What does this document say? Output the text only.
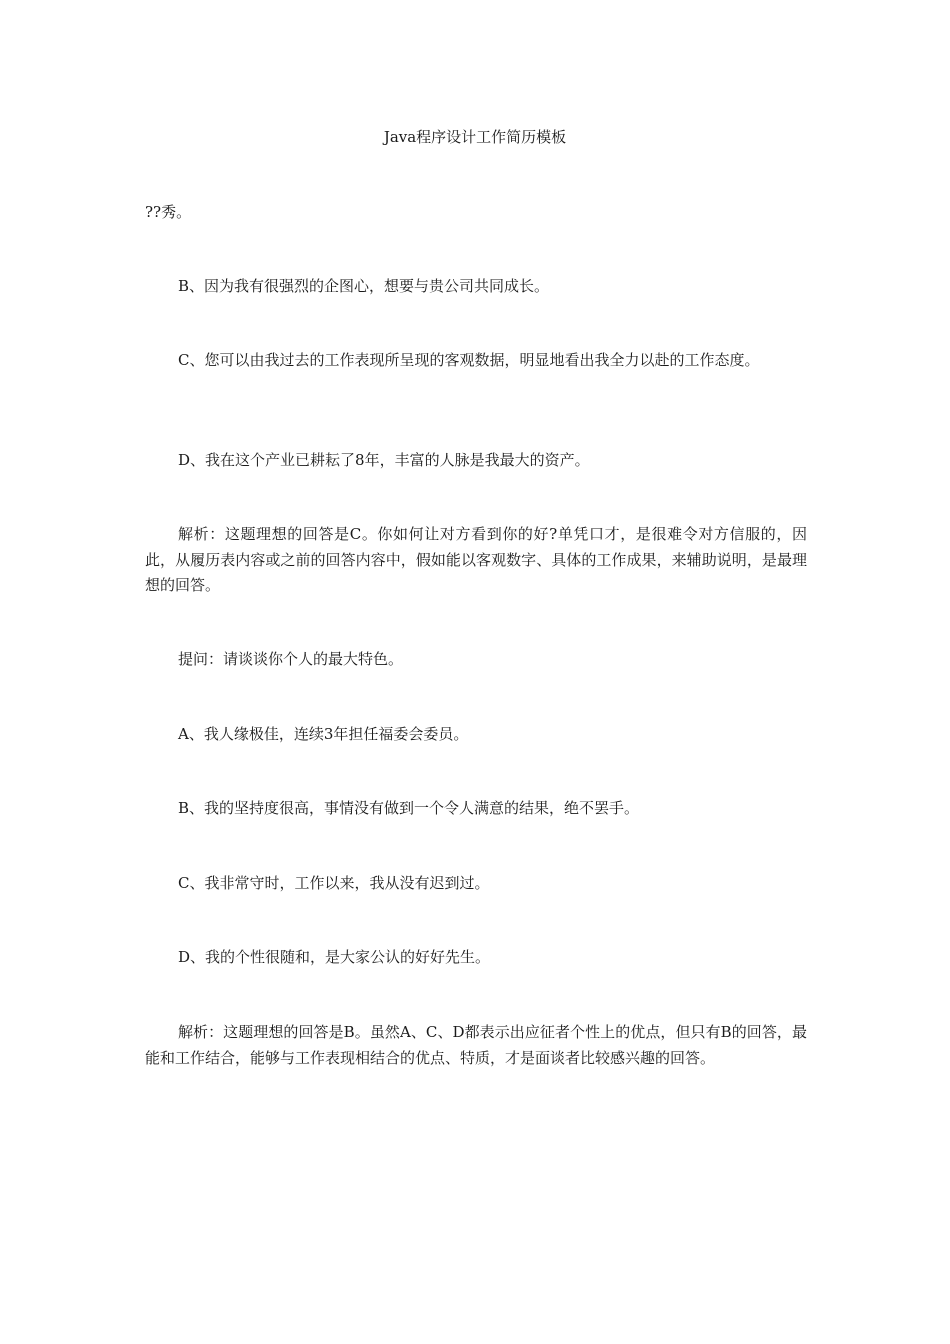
Java程序设计工作简历模板

??秀。

B、因为我有很强烈的企图心，想要与贵公司共同成长。

C、您可以由我过去的工作表现所呈现的客观数据，明显地看出我全力以赴的工作态度。

D、我在这个产业已耕耘了8年，丰富的人脉是我最大的资产。

解析：这题理想的回答是C。你如何让对方看到你的好?单凭口才，是很难令对方信服的，因此，从履历表内容或之前的回答内容中，假如能以客观数字、具体的工作成果，来辅助说明，是最理想的回答。

提问：请谈谈你个人的最大特色。

A、我人缘极佳，连续3年担任福委会委员。

B、我的坚持度很高，事情没有做到一个令人满意的结果，绝不罢手。

C、我非常守时，工作以来，我从没有迟到过。

D、我的个性很随和，是大家公认的好好先生。

解析：这题理想的回答是B。虽然A、C、D都表示出应征者个性上的优点，但只有B的回答，最能和工作结合，能够与工作表现相结合的优点、特质，才是面谈者比较感兴趣的回答。
